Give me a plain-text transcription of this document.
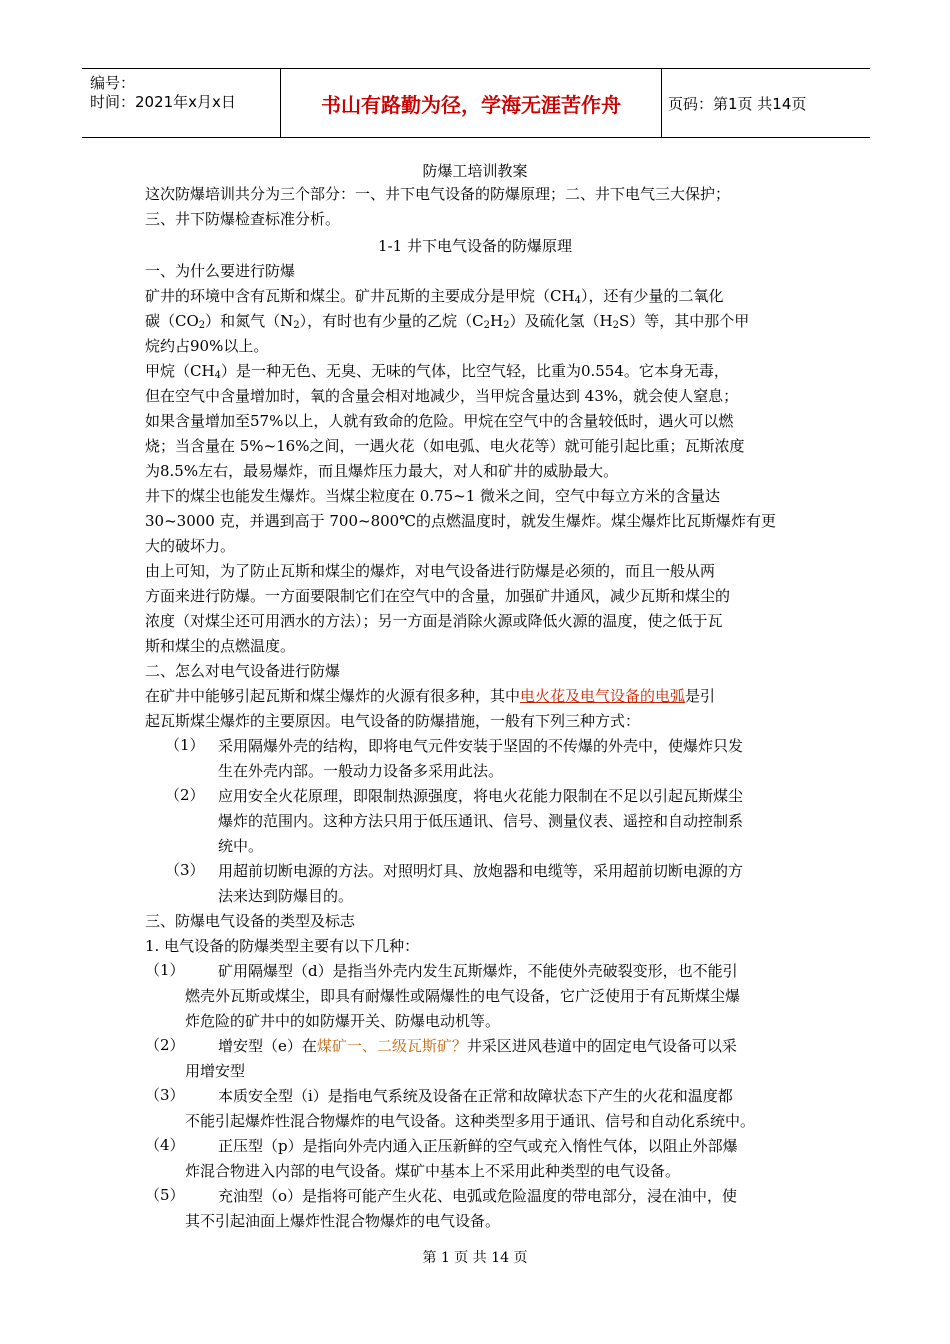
编号：
时间：2021年x月x日	书山有路勤为径，学海无涯苦作舟	页码：第1页 共14页
防爆工培训教案
这次防爆培训共分为三个部分：一、井下电气设备的防爆原理；二、井下电气三大保护；
三、井下防爆检查标准分析。
1-1 井下电气设备的防爆原理
一、为什么要进行防爆
矿井的环境中含有瓦斯和煤尘。矿井瓦斯的主要成分是甲烷$(CH_4)$，还有少量的二氧化
碳$(CO_2)$和氮气$(N_2)$，有时也有少量的乙烷$(C_2H_2)$及硫化氢$(H_2S)$等，其中那个甲
烷约占90%以上。
甲烷$(CH_4)$是一种无色、无臭、无味的气体，比空气轻，比重为0.554。它本身无毒，
但在空气中含量增加时，氧的含量会相对地减少，当甲烷含量达到 43%，就会使人窒息；
如果含量增加至57%以上，人就有致命的危险。甲烷在空气中的含量较低时，遇火可以燃
烧；当含量在 5%~16%之间，一遇火花（如电弧、电火花等）就可能引起比重；瓦斯浓度
为8.5%左右，最易爆炸，而且爆炸压力最大，对人和矿井的威胁最大。
井下的煤尘也能发生爆炸。当煤尘粒度在 0.75~1 微米之间，空气中每立方米的含量达
30~3000 克，并遇到高于 700~800℃的点燃温度时，就发生爆炸。煤尘爆炸比瓦斯爆炸有更
大的破坏力。
由上可知，为了防止瓦斯和煤尘的爆炸，对电气设备进行防爆是必须的，而且一般从两
方面来进行防爆。一方面要限制它们在空气中的含量，加强矿井通风，减少瓦斯和煤尘的
浓度（对煤尘还可用洒水的方法）；另一方面是消除火源或降低火源的温度，使之低于瓦
斯和煤尘的点燃温度。
二、怎么对电气设备进行防爆
在矿井中能够引起瓦斯和煤尘爆炸的火源有很多种，其中电火花及电气设备的电弧是引
起瓦斯煤尘爆炸的主要原因。电气设备的防爆措施，一般有下列三种方式：
（1） 采用隔爆外壳的结构，即将电气元件安装于坚固的不传爆的外壳中，使爆炸只发
生在外壳内部。一般动力设备多采用此法。
（2） 应用安全火花原理，即限制热源强度，将电火花能力限制在不足以引起瓦斯煤尘
爆炸的范围内。这种方法只用于低压通讯、信号、测量仪表、遥控和自动控制系
统中。
（3） 用超前切断电源的方法。对照明灯具、放炮器和电缆等，采用超前切断电源的方
法来达到防爆目的。
三、防爆电气设备的类型及标志
1. 电气设备的防爆类型主要有以下几种：
（1） 矿用隔爆型（d）是指当外壳内发生瓦斯爆炸，不能使外壳破裂变形，也不能引
燃壳外瓦斯或煤尘，即具有耐爆性或隔爆性的电气设备，它广泛使用于有瓦斯煤尘爆
炸危险的矿井中的如防爆开关、防爆电动机等。
（2） 增安型（e）在煤矿一、二级瓦斯矿？井采区进风巷道中的固定电气设备可以采
用增安型
（3） 本质安全型（i）是指电气系统及设备在正常和故障状态下产生的火花和温度都
不能引起爆炸性混合物爆炸的电气设备。这种类型多用于通讯、信号和自动化系统中。
（4） 正压型（p）是指向外壳内通入正压新鲜的空气或充入惰性气体，以阻止外部爆
炸混合物进入内部的电气设备。煤矿中基本上不采用此种类型的电气设备。
（5） 充油型（o）是指将可能产生火花、电弧或危险温度的带电部分，浸在油中，使
其不引起油面上爆炸性混合物爆炸的电气设备。
第 1 页 共 14 页
